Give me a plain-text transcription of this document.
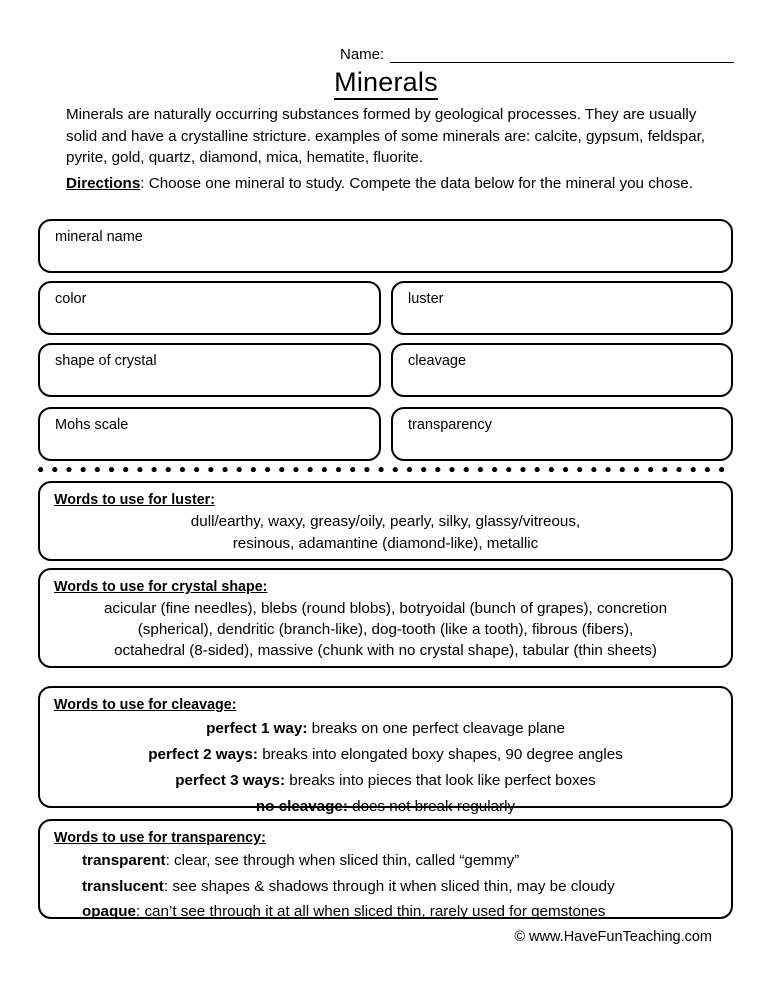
Name:
Minerals
Minerals are naturally occurring substances formed by geological processes. They are usually solid and have a crystalline stricture. examples of some minerals are: calcite, gypsum, feldspar, pyrite, gold, quartz, diamond, mica, hematite, fluorite.
Directions: Choose one mineral to study. Compete the data below for the mineral you chose.
mineral name
color	luster
shape of crystal	cleavage
Mohs scale	transparency
Words to use for luster:
dull/earthy, waxy, greasy/oily, pearly, silky, glassy/vitreous,
resinous, adamantine (diamond-like), metallic
Words to use for crystal shape:
acicular (fine needles), blebs (round blobs), botryoidal (bunch of grapes), concretion
(spherical), dendritic (branch-like), dog-tooth (like a tooth), fibrous (fibers),
octahedral (8-sided), massive (chunk with no crystal shape), tabular (thin sheets)
Words to use for cleavage:
perfect 1 way: breaks on one perfect cleavage plane
perfect 2 ways: breaks into elongated boxy shapes, 90 degree angles
perfect 3 ways: breaks into pieces that look like perfect boxes
no cleavage: does not break regularly
Words to use for transparency:
transparent: clear, see through when sliced thin, called “gemmy”
translucent: see shapes & shadows through it when sliced thin, may be cloudy
opaque: can’t see through it at all when sliced thin, rarely used for gemstones
© www.HaveFunTeaching.com
